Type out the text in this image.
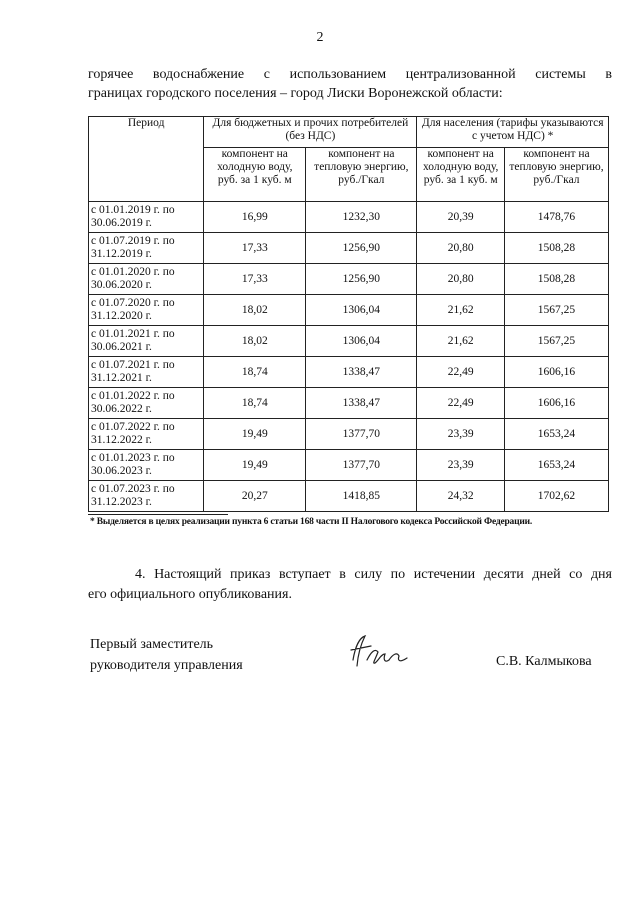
2
горячее водоснабжение с использованием централизованной системы в
границах городского поселения – город Лиски Воронежской области:
Период	Для бюджетных и прочих потребителей (без НДС)		Для населения (тарифы указываются с учетом НДС) *	
	компонент на холодную воду, руб. за 1 куб. м	компонент на тепловую энергию, руб./Гкал	компонент на холодную воду, руб. за 1 куб. м	компонент на тепловую энергию, руб./Гкал

с 01.01.2019 г. по
30.06.2019 г.	16,99	1232,30	20,39	1478,76

с 01.07.2019 г. по
31.12.2019 г.	17,33	1256,90	20,80	1508,28

с 01.01.2020 г. по
30.06.2020 г.	17,33	1256,90	20,80	1508,28

с 01.07.2020 г. по
31.12.2020 г.	18,02	1306,04	21,62	1567,25

с 01.01.2021 г. по
30.06.2021 г.	18,02	1306,04	21,62	1567,25

с 01.07.2021 г. по
31.12.2021 г.	18,74	1338,47	22,49	1606,16

с 01.01.2022 г. по
30.06.2022 г.	18,74	1338,47	22,49	1606,16

с 01.07.2022 г. по
31.12.2022 г.	19,49	1377,70	23,39	1653,24

с 01.01.2023 г. по
30.06.2023 г.	19,49	1377,70	23,39	1653,24

с 01.07.2023 г. по
31.12.2023 г.	20,27	1418,85	24,32	1702,62
* Выделяется в целях реализации пункта 6 статьи 168 части II Налогового кодекса Российской Федерации.
4. Настоящий приказ вступает в силу по истечении десяти дней со дня
его официального опубликования.
Первый заместитель
руководителя управления	С.В. Калмыкова
